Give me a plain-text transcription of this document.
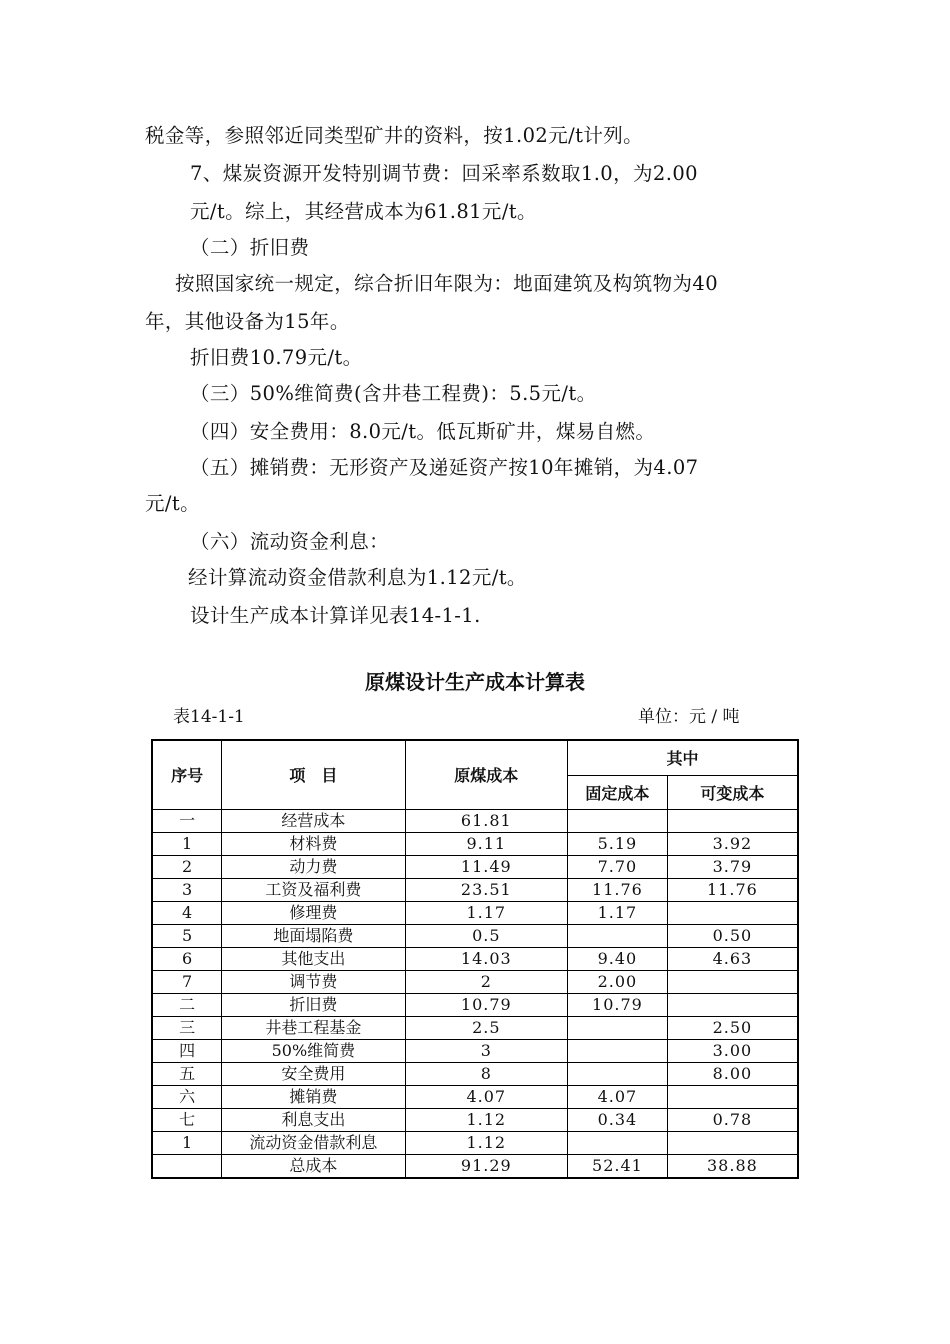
税金等，参照邻近同类型矿井的资料，按1.02元/t计列。
7、煤炭资源开发特别调节费：回采率系数取1.0，为2.00
元/t。综上，其经营成本为61.81元/t。
（二）折旧费
按照国家统一规定，综合折旧年限为：地面建筑及构筑物为40
年，其他设备为15年。
折旧费10.79元/t。
（三）50%维简费(含井巷工程费)：5.5元/t。
（四）安全费用：8.0元/t。低瓦斯矿井，煤易自燃。
（五）摊销费：无形资产及递延资产按10年摊销，为4.07
元/t。
（六）流动资金利息：
经计算流动资金借款利息为1.12元/t。
设计生产成本计算详见表14-1-1.
原煤设计生产成本计算表
表14-1-1	单位：元 / 吨
序号	项　目	原煤成本	其中	
			固定成本	可变成本
一	经营成本	61.81		
1	材料费	9.11	5.19	3.92
2	动力费	11.49	7.70	3.79
3	工资及福利费	23.51	11.76	11.76
4	修理费	1.17	1.17	
5	地面塌陷费	0.5		0.50
6	其他支出	14.03	9.40	4.63
7	调节费	2	2.00	
二	折旧费	10.79	10.79	
三	井巷工程基金	2.5		2.50
四	50%维简费	3		3.00
五	安全费用	8		8.00
六	摊销费	4.07	4.07	
七	利息支出	1.12	0.34	0.78
1	流动资金借款利息	1.12		
	总成本	91.29	52.41	38.88
